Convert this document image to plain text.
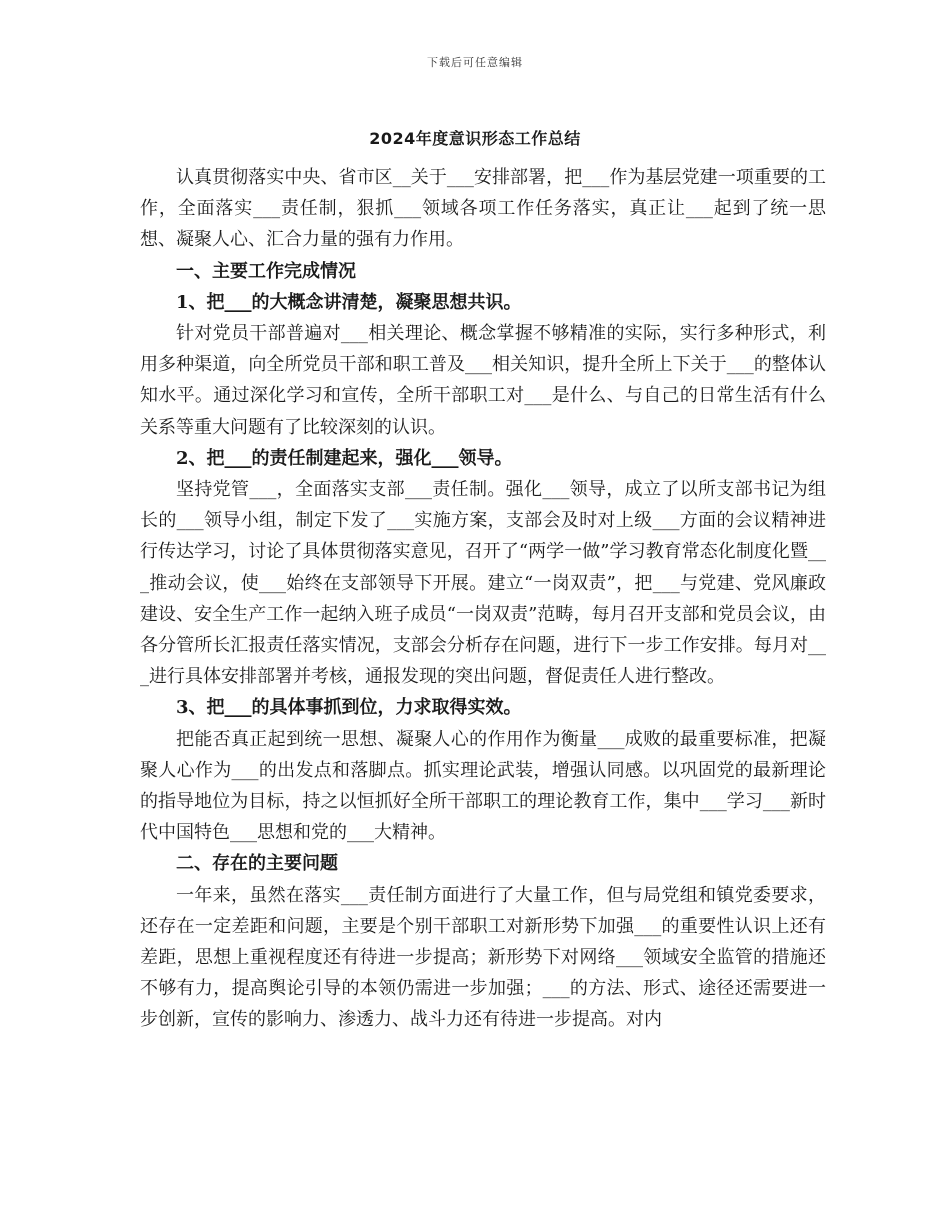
下载后可任意编辑
2024年度意识形态工作总结

认真贯彻落实中央、省市区__关于___安排部署，把___作为基层党建一项重要的工作，全面落实___责任制，狠抓___领域各项工作任务落实，真正让___起到了统一思想、凝聚人心、汇合力量的强有力作用。

一、主要工作完成情况

1、把___的大概念讲清楚，凝聚思想共识。

针对党员干部普遍对___相关理论、概念掌握不够精准的实际，实行多种形式，利用多种渠道，向全所党员干部和职工普及___相关知识，提升全所上下关于___的整体认知水平。通过深化学习和宣传，全所干部职工对___是什么、与自己的日常生活有什么关系等重大问题有了比较深刻的认识。

2、把___的责任制建起来，强化___领导。

坚持党管___，全面落实支部___责任制。强化___领导，成立了以所支部书记为组长的___领导小组，制定下发了___实施方案，支部会及时对上级___方面的会议精神进行传达学习，讨论了具体贯彻落实意见，召开了“两学一做”学习教育常态化制度化暨___推动会议，使___始终在支部领导下开展。建立“一岗双责”，把___与党建、党风廉政建设、安全生产工作一起纳入班子成员“一岗双责”范畴，每月召开支部和党员会议，由各分管所长汇报责任落实情况，支部会分析存在问题，进行下一步工作安排。每月对___进行具体安排部署并考核，通报发现的突出问题，督促责任人进行整改。

3、把___的具体事抓到位，力求取得实效。

把能否真正起到统一思想、凝聚人心的作用作为衡量___成败的最重要标准，把凝聚人心作为___的出发点和落脚点。抓实理论武装，增强认同感。以巩固党的最新理论的指导地位为目标，持之以恒抓好全所干部职工的理论教育工作，集中___学习___新时代中国特色___思想和党的___大精神。

二、存在的主要问题

一年来，虽然在落实___责任制方面进行了大量工作，但与局党组和镇党委要求，还存在一定差距和问题，主要是个别干部职工对新形势下加强___的重要性认识上还有差距，思想上重视程度还有待进一步提高；新形势下对网络___领域安全监管的措施还不够有力，提高舆论引导的本领仍需进一步加强；___的方法、形式、途径还需要进一步创新，宣传的影响力、渗透力、战斗力还有待进一步提高。对内
